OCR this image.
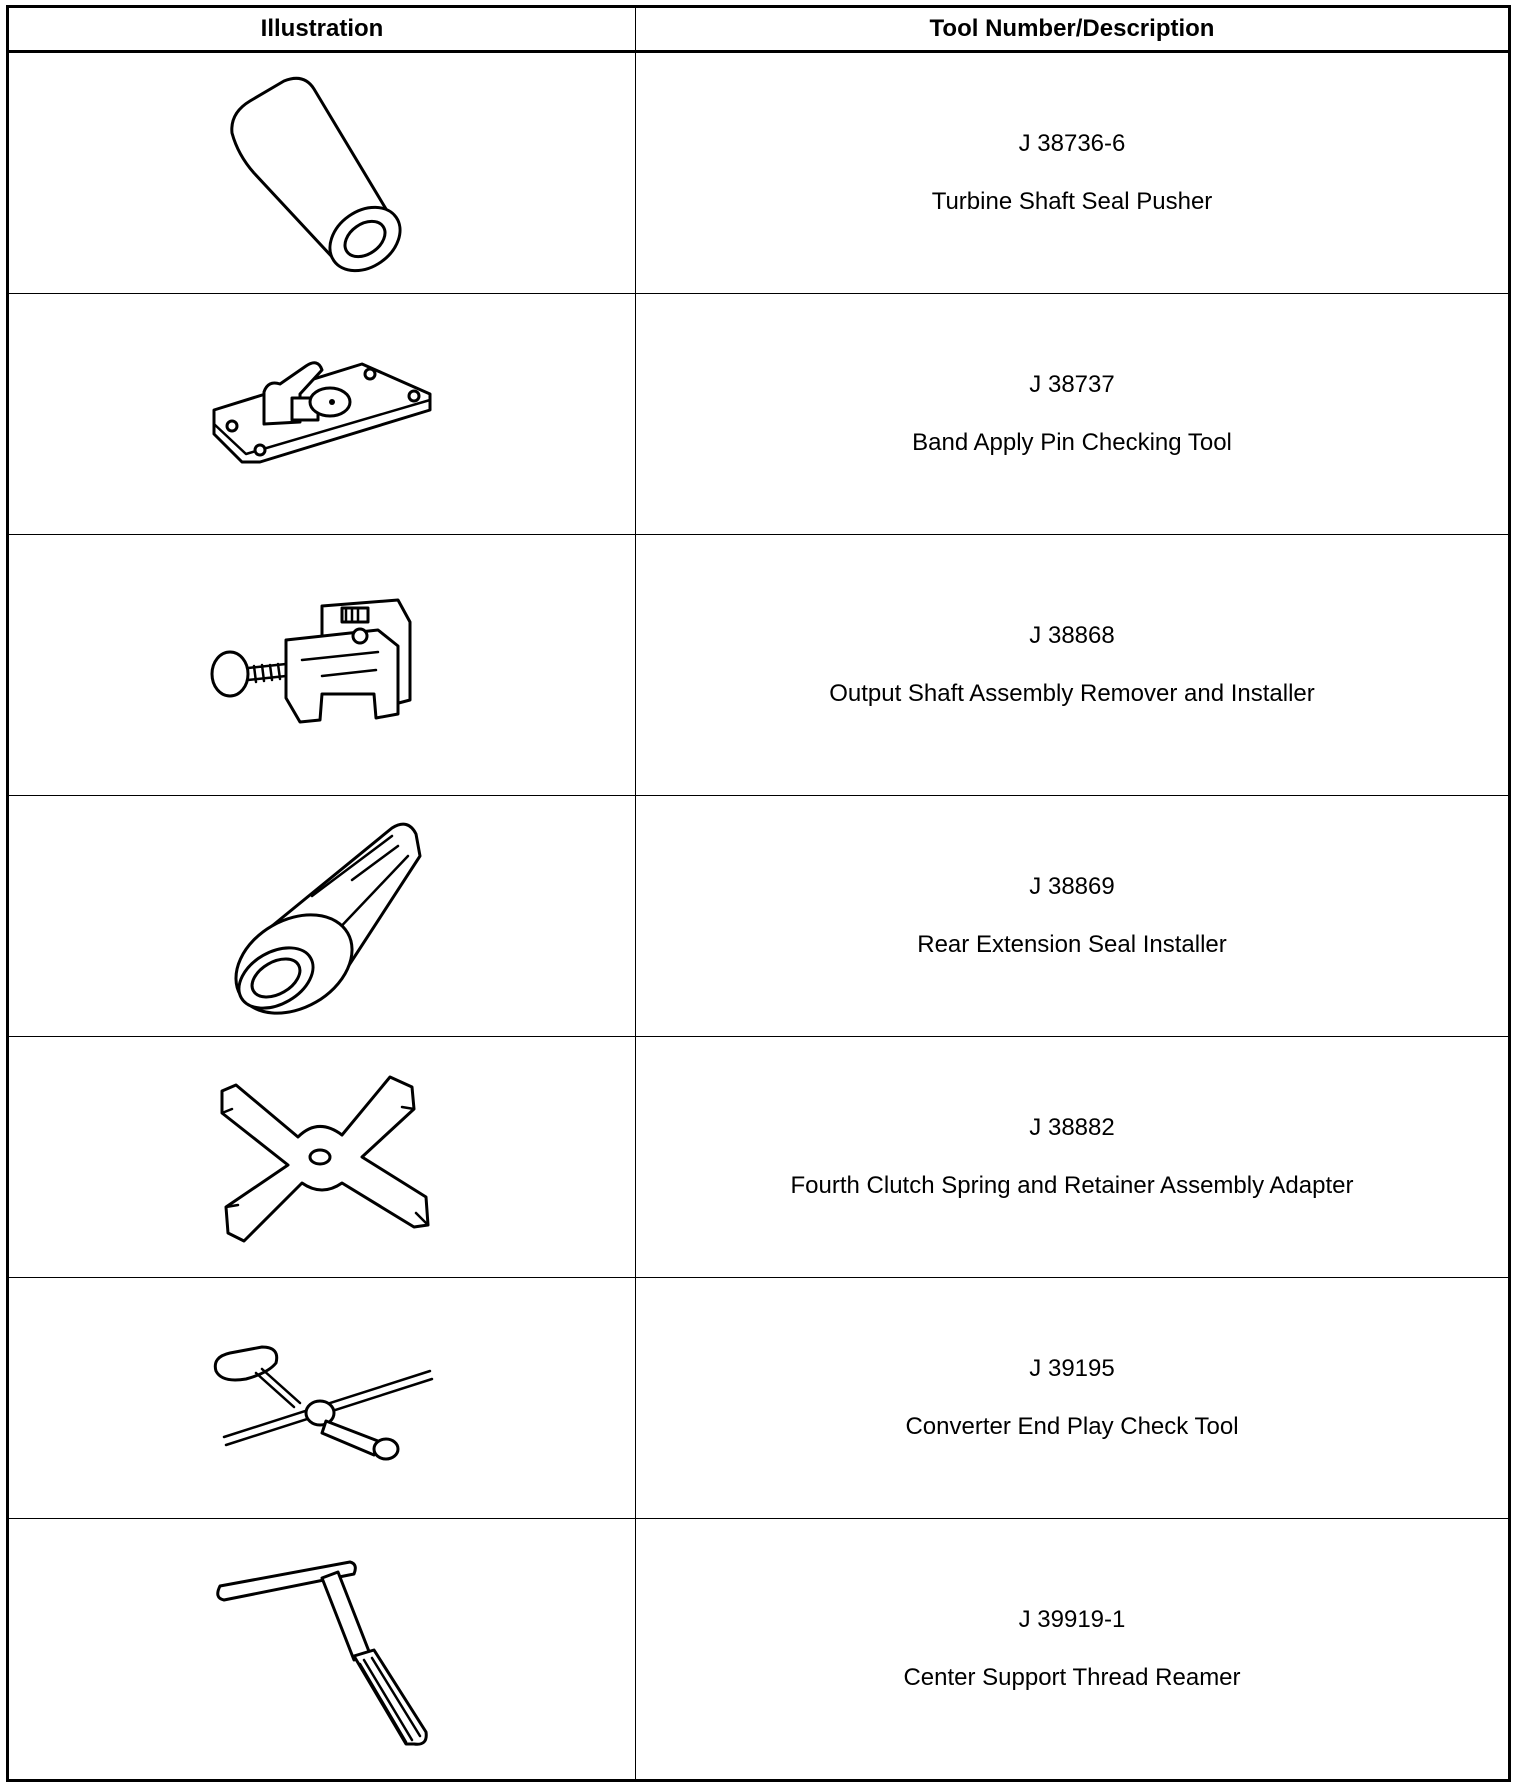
Illustration	Tool Number/Description

J 38736-6
Turbine Shaft Seal Pusher

J 38737
Band Apply Pin Checking Tool

J 38868
Output Shaft Assembly Remover and Installer

J 38869
Rear Extension Seal Installer

J 38882
Fourth Clutch Spring and Retainer Assembly Adapter

J 39195
Converter End Play Check Tool

J 39919-1
Center Support Thread Reamer
